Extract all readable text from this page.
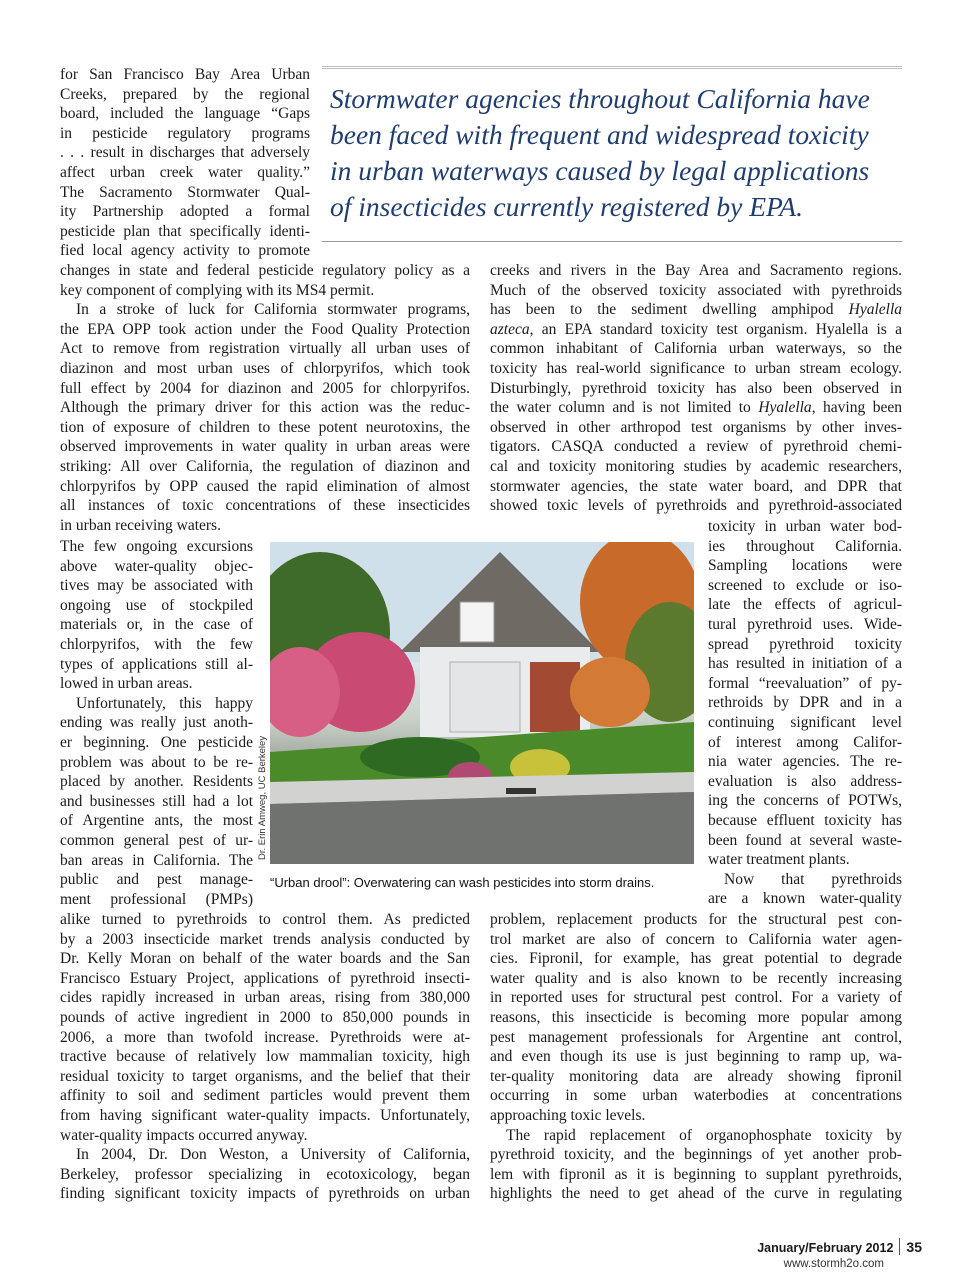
for San Francisco Bay Area Urban
Creeks, prepared by the regional
board, included the language “Gaps
in pesticide regulatory programs
. . . result in discharges that adversely
affect urban creek water quality.”
The Sacramento Stormwater Qual-
ity Partnership adopted a formal
pesticide plan that specifically identi-
fied local agency activity to promote
Stormwater agencies throughout California have
been faced with frequent and widespread toxicity
in urban waterways caused by legal applications
of insecticides currently registered by EPA.
changes in state and federal pesticide regulatory policy as a
key component of complying with its MS4 permit.
In a stroke of luck for California stormwater programs,
the EPA OPP took action under the Food Quality Protection
Act to remove from registration virtually all urban uses of
diazinon and most urban uses of chlorpyrifos, which took
full effect by 2004 for diazinon and 2005 for chlorpyrifos.
Although the primary driver for this action was the reduc-
tion of exposure of children to these potent neurotoxins, the
observed improvements in water quality in urban areas were
striking: All over California, the regulation of diazinon and
chlorpyrifos by OPP caused the rapid elimination of almost
all instances of toxic concentrations of these insecticides
in urban receiving waters.
The few ongoing excursions
above water-quality objec-
tives may be associated with
ongoing use of stockpiled
materials or, in the case of
chlorpyrifos, with the few
types of applications still al-
lowed in urban areas.
Unfortunately, this happy
ending was really just anoth-
er beginning. One pesticide
problem was about to be re-
placed by another. Residents
and businesses still had a lot
of Argentine ants, the most
common general pest of ur-
ban areas in California. The
public and pest manage-
ment professional (PMPs)
alike turned to pyrethroids to control them. As predicted
by a 2003 insecticide market trends analysis conducted by
Dr. Kelly Moran on behalf of the water boards and the San
Francisco Estuary Project, applications of pyrethroid insecti-
cides rapidly increased in urban areas, rising from 380,000
pounds of active ingredient in 2000 to 850,000 pounds in
2006, a more than twofold increase. Pyrethroids were at-
tractive because of relatively low mammalian toxicity, high
residual toxicity to target organisms, and the belief that their
affinity to soil and sediment particles would prevent them
from having significant water-quality impacts. Unfortunately,
water-quality impacts occurred anyway.
In 2004, Dr. Don Weston, a University of California,
Berkeley, professor specializing in ecotoxicology, began
finding significant toxicity impacts of pyrethroids on urban
creeks and rivers in the Bay Area and Sacramento regions.
Much of the observed toxicity associated with pyrethroids
has been to the sediment dwelling amphipod Hyalella
azteca, an EPA standard toxicity test organism. Hyalella is a
common inhabitant of California urban waterways, so the
toxicity has real-world significance to urban stream ecology.
Disturbingly, pyrethroid toxicity has also been observed in
the water column and is not limited to Hyalella, having been
observed in other arthropod test organisms by other inves-
tigators. CASQA conducted a review of pyrethroid chemi-
cal and toxicity monitoring studies by academic researchers,
stormwater agencies, the state water board, and DPR that
showed toxic levels of pyrethroids and pyrethroid-associated
toxicity in urban water bod-
ies throughout California.
Sampling locations were
screened to exclude or iso-
late the effects of agricul-
tural pyrethroid uses. Wide-
spread pyrethroid toxicity
has resulted in initiation of a
formal “reevaluation” of py-
rethroids by DPR and in a
continuing significant level
of interest among Califor-
nia water agencies. The re-
evaluation is also address-
ing the concerns of POTWs,
because effluent toxicity has
been found at several waste-
water treatment plants.
Now that pyrethroids
are a known water-quality
problem, replacement products for the structural pest con-
trol market are also of concern to California water agen-
cies. Fipronil, for example, has great potential to degrade
water quality and is also known to be recently increasing
in reported uses for structural pest control. For a variety of
reasons, this insecticide is becoming more popular among
pest management professionals for Argentine ant control,
and even though its use is just beginning to ramp up, wa-
ter-quality monitoring data are already showing fipronil
occurring in some urban waterbodies at concentrations
approaching toxic levels.
The rapid replacement of organophosphate toxicity by
pyrethroid toxicity, and the beginnings of yet another prob-
lem with fipronil as it is beginning to supplant pyrethroids,
highlights the need to get ahead of the curve in regulating
Dr. Erin Amweg, UC Berkeley
“Urban drool”: Overwatering can wash pesticides into storm drains.
January/February 2012 35
www.stormh2o.com
